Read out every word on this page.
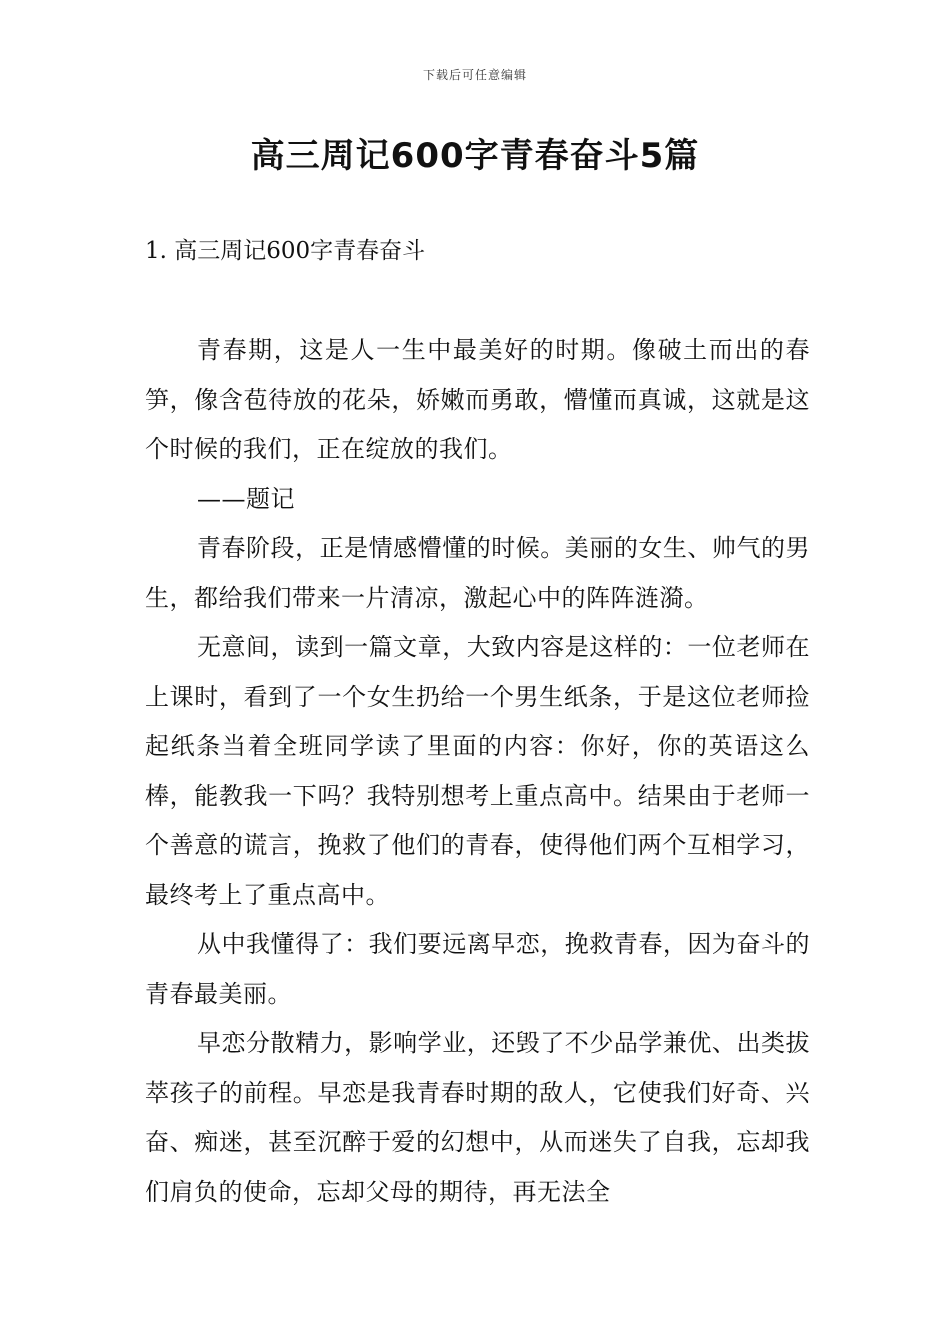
下载后可任意编辑
高三周记600字青春奋斗5篇
1. 高三周记600字青春奋斗

青春期，这是人一生中最美好的时期。像破土而出的春笋，像含苞待放的花朵，娇嫩而勇敢，懵懂而真诚，这就是这个时候的我们，正在绽放的我们。

——题记

青春阶段，正是情感懵懂的时候。美丽的女生、帅气的男生，都给我们带来一片清凉，激起心中的阵阵涟漪。

无意间，读到一篇文章，大致内容是这样的：一位老师在上课时，看到了一个女生扔给一个男生纸条，于是这位老师捡起纸条当着全班同学读了里面的内容：你好，你的英语这么棒，能教我一下吗？我特别想考上重点高中。结果由于老师一个善意的谎言，挽救了他们的青春，使得他们两个互相学习，最终考上了重点高中。

从中我懂得了：我们要远离早恋，挽救青春，因为奋斗的青春最美丽。

早恋分散精力，影响学业，还毁了不少品学兼优、出类拔萃孩子的前程。早恋是我青春时期的敌人，它使我们好奇、兴奋、痴迷，甚至沉醉于爱的幻想中，从而迷失了自我，忘却我们肩负的使命，忘却父母的期待，再无法全
